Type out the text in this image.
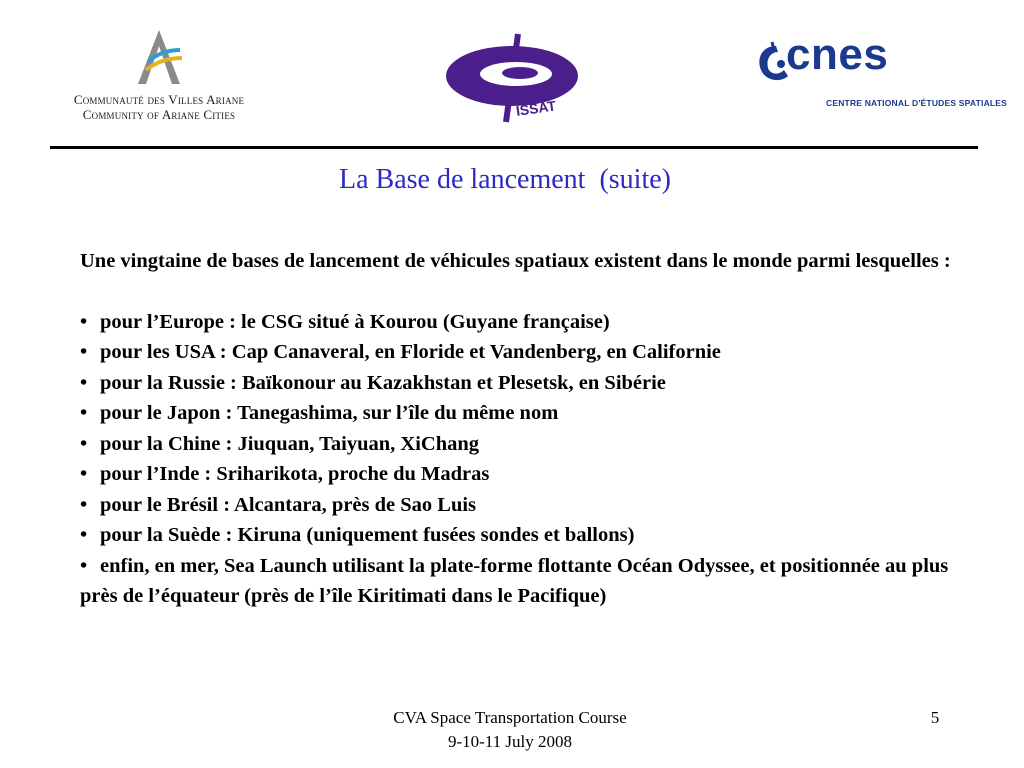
Communauté des Villes Ariane
Community of Ariane Cities	ISSAT
cnes
CENTRE NATIONAL D'ÉTUDES SPATIALES
La Base de lancement  (suite)

Une vingtaine de bases de lancement de véhicules spatiaux existent dans le monde parmi lesquelles :

• pour l’Europe : le CSG situé à Kourou (Guyane française)
• pour les USA : Cap Canaveral, en Floride et Vandenberg, en Californie
• pour la Russie : Baïkonour au Kazakhstan et Plesetsk, en Sibérie
• pour le Japon : Tanegashima, sur l’île du même nom
• pour la Chine : Jiuquan, Taiyuan, XiChang
• pour l’Inde : Sriharikota, proche du Madras
• pour le Brésil : Alcantara, près de Sao Luis
• pour la Suède : Kiruna (uniquement fusées sondes et ballons)
• enfin, en mer, Sea Launch utilisant la plate-forme flottante Océan Odyssee, et positionnée au plus près de l’équateur (près de l’île Kiritimati dans le Pacifique)
CVA Space Transportation Course
9-10-11 July 2008
5
